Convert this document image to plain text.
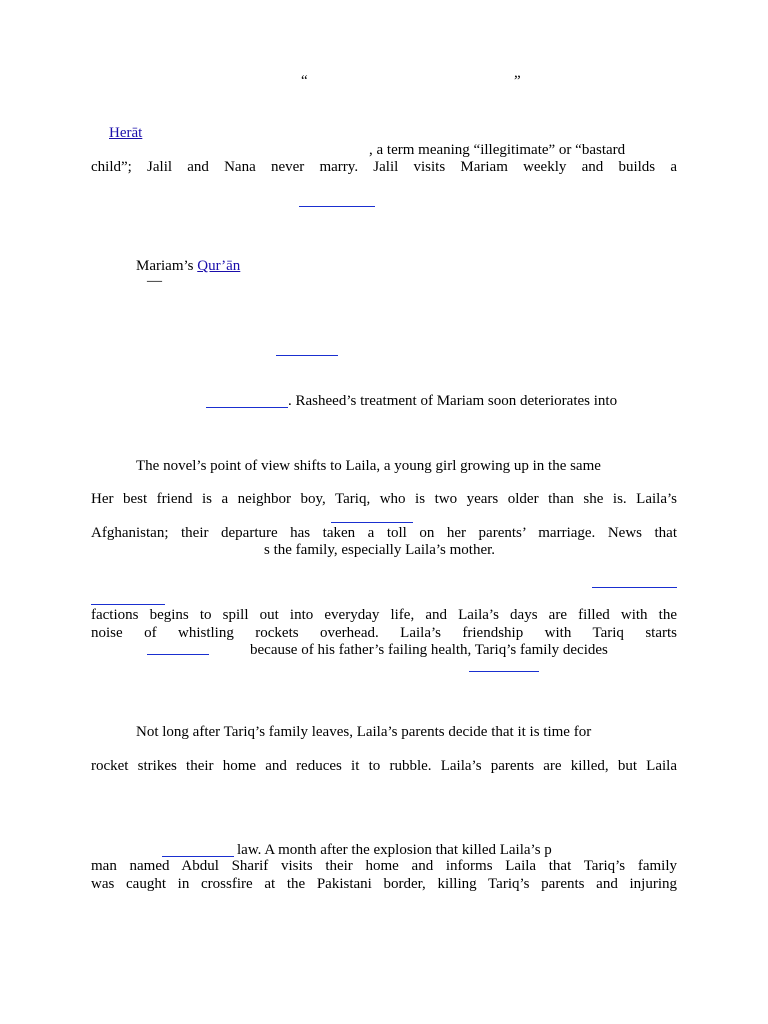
“	”
Herāt
, a term meaning “illegitimate” or “bastard
child”; Jalil and Nana never marry. Jalil visits Mariam weekly and builds a
Mariam’s Qur’ān
—
. Rasheed’s treatment of Mariam soon deteriorates into
The novel’s point of view shifts to Laila, a young girl growing up in the same
Her best friend is a neighbor boy, Tariq, who is two years older than she is. Laila’s
Afghanistan; their departure has taken a toll on her parents’ marriage. News that
s the family, especially Laila’s mother.
factions begins to spill out into everyday life, and Laila’s days are filled with the
noise of whistling rockets overhead. Laila’s friendship with Tariq starts
because of his father’s failing health, Tariq’s family decides
Not long after Tariq’s family leaves, Laila’s parents decide that it is time for
rocket strikes their home and reduces it to rubble. Laila’s parents are killed, but Laila
law. A month after the explosion that killed Laila’s p
man named Abdul Sharif visits their home and informs Laila that Tariq’s family
was caught in crossfire at the Pakistani border, killing Tariq’s parents and injuring
